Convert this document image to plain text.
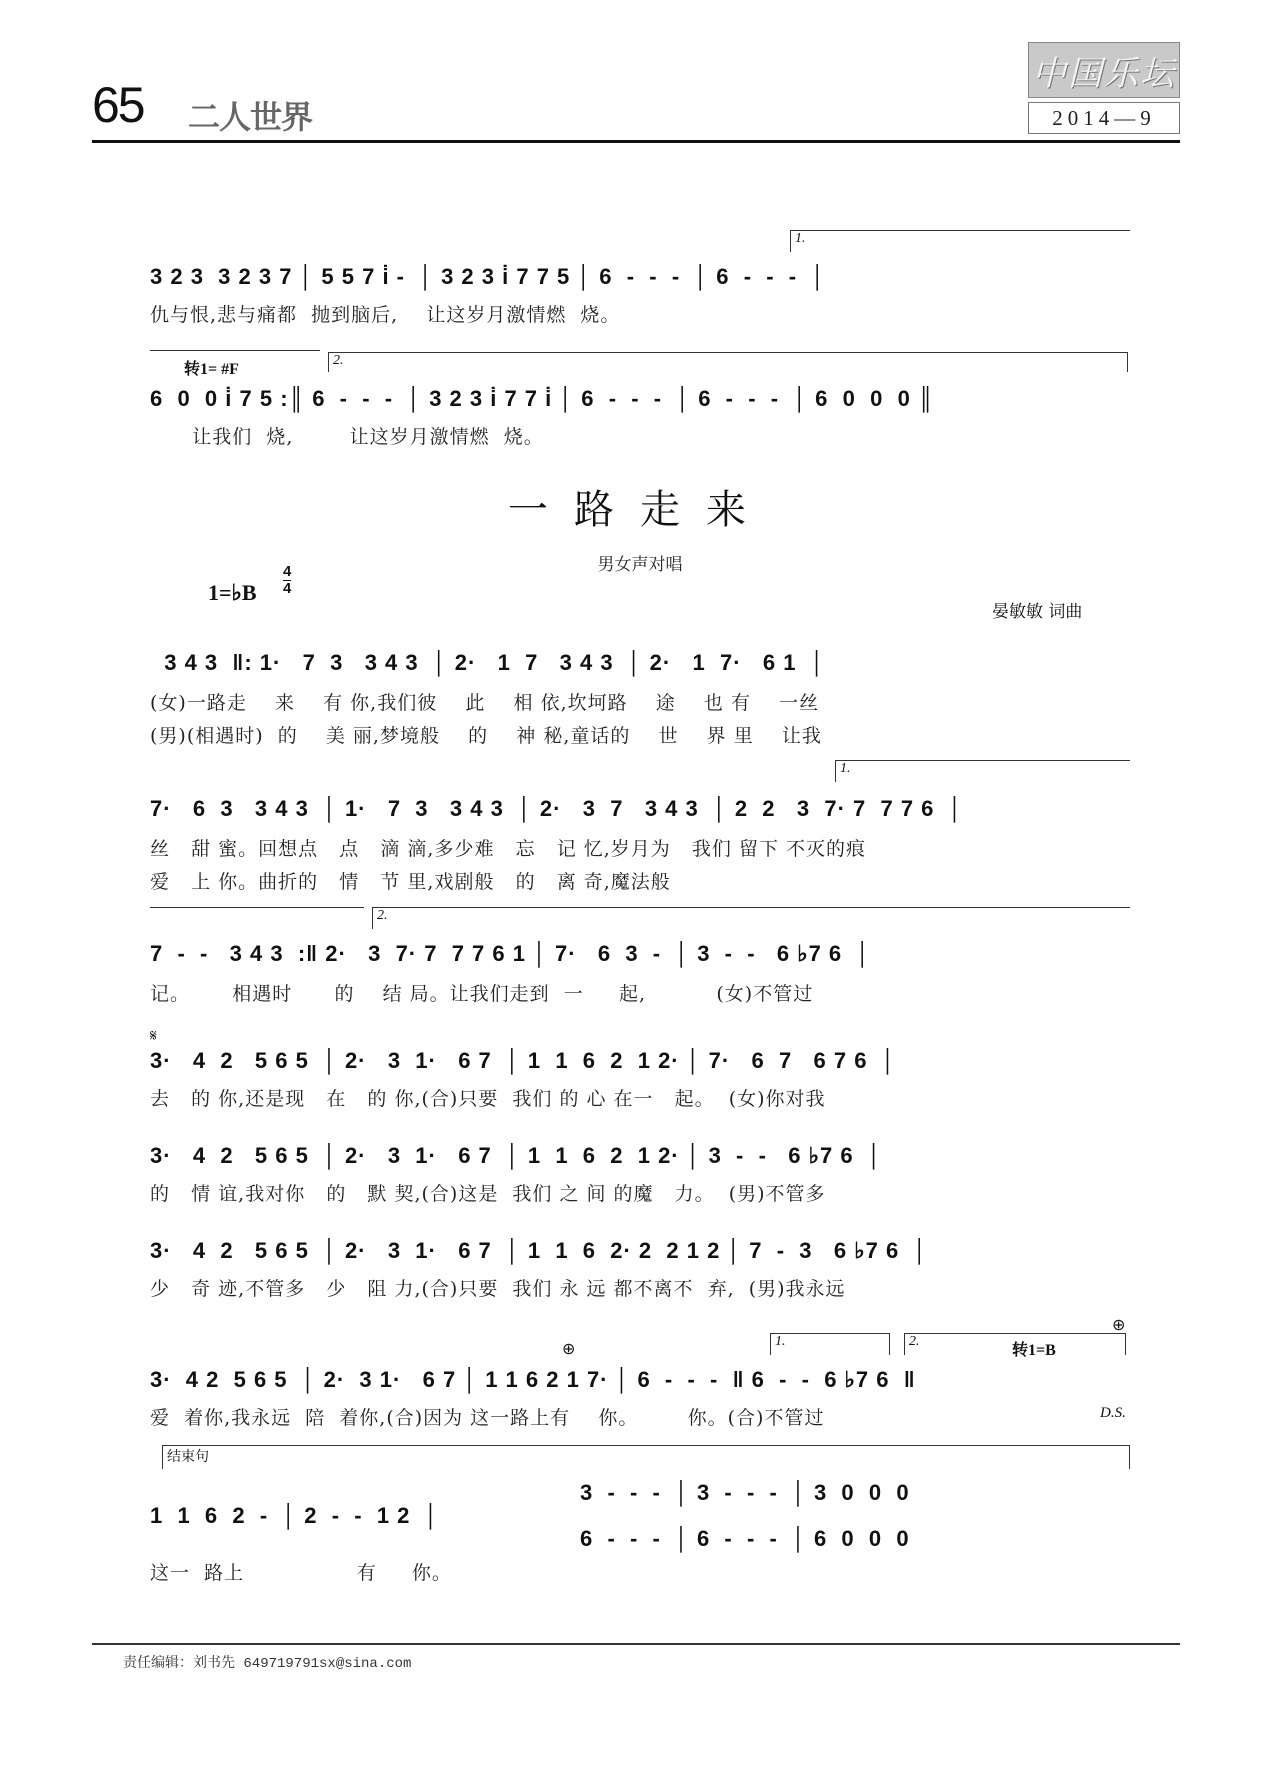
65 二人世界
中国乐坛
2014—9
1.
3 2 3  3 2 3 7 │ 5 5 7 i̇ -  │ 3 2 3 i̇ 7 7 5 │ 6  -  -  -  │ 6  -  -  -  │
仇与恨,悲与痛都  抛到脑后,    让这岁月激情燃  烧。
转1= #F
2.
6  0  0 i̇ 7 5 :║ 6  -  -  -  │ 3 2 3 i̇ 7 7 i̇ │ 6  -  -  -  │ 6  -  -  -  │ 6  0  0  0 ║
让我们  烧,        让这岁月激情燃  烧。
一路走来
男女声对唱
1=♭B
4
4
晏敏敏 词曲
3 4 3  ‖: 1·   7  3   3 4 3  │ 2·   1  7   3 4 3  │ 2·   1  7·   6 1  │
(女)一路走    来    有 你,我们彼    此    相 依,坎坷路    途    也 有    一丝
(男)(相遇时)  的    美 丽,梦境般    的    神 秘,童话的    世    界 里    让我
1.
7·   6  3   3 4 3  │ 1·   7  3   3 4 3  │ 2·   3  7   3 4 3  │ 2  2   3  7· 7  7 7 6  │
丝   甜 蜜。回想点   点   滴 滴,多少难   忘   记 忆,岁月为   我们 留下 不灭的痕
爱   上 你。曲折的   情   节 里,戏剧般   的   离 奇,魔法般
2.
7  -  -   3 4 3  :‖ 2·   3  7· 7  7 7 6 1 │ 7·   6  3  -  │ 3  -  -   6 ♭7 6  │
记。      相遇时      的    结 局。让我们走到  一     起,          (女)不管过
𝄋
3·   4  2   5 6 5  │ 2·   3  1·   6 7  │ 1  1  6  2  1 2· │ 7·   6  7   6 7 6  │
去   的 你,还是现   在   的 你,(合)只要  我们 的 心 在一   起。  (女)你对我
3·   4  2   5 6 5  │ 2·   3  1·   6 7  │ 1  1  6  2  1 2· │ 3  -  -   6 ♭7 6  │
的   情 谊,我对你   的   默 契,(合)这是  我们 之 间 的魔   力。  (男)不管多
3·   4  2   5 6 5  │ 2·   3  1·   6 7  │ 1  1  6  2· 2  2 1 2 │ 7  -  3   6 ♭7 6  │
少   奇 迹,不管多   少   阻 力,(合)只要  我们 永 远 都不离不  弃,  (男)我永远
⊕
⊕
1.	2.
转1=B
3·  4 2  5 6 5  │ 2·  3 1·   6 7 │ 1 1 6 2 1 7· │ 6  -  -  -  ‖ 6  -  -  6 ♭7 6  ‖
爱  着你,我永远  陪  着你,(合)因为 这一路上有    你。       你。(合)不管过	D.S.
结束句
1  1  6  2  -  │ 2  -  -  1 2  │
3  -  -  -  │ 3  -  -  -  │ 3  0  0  0
6  -  -  -  │ 6  -  -  -  │ 6  0  0  0
这一  路上                有     你。
责任编辑：刘书先 649719791sx@sina.com
